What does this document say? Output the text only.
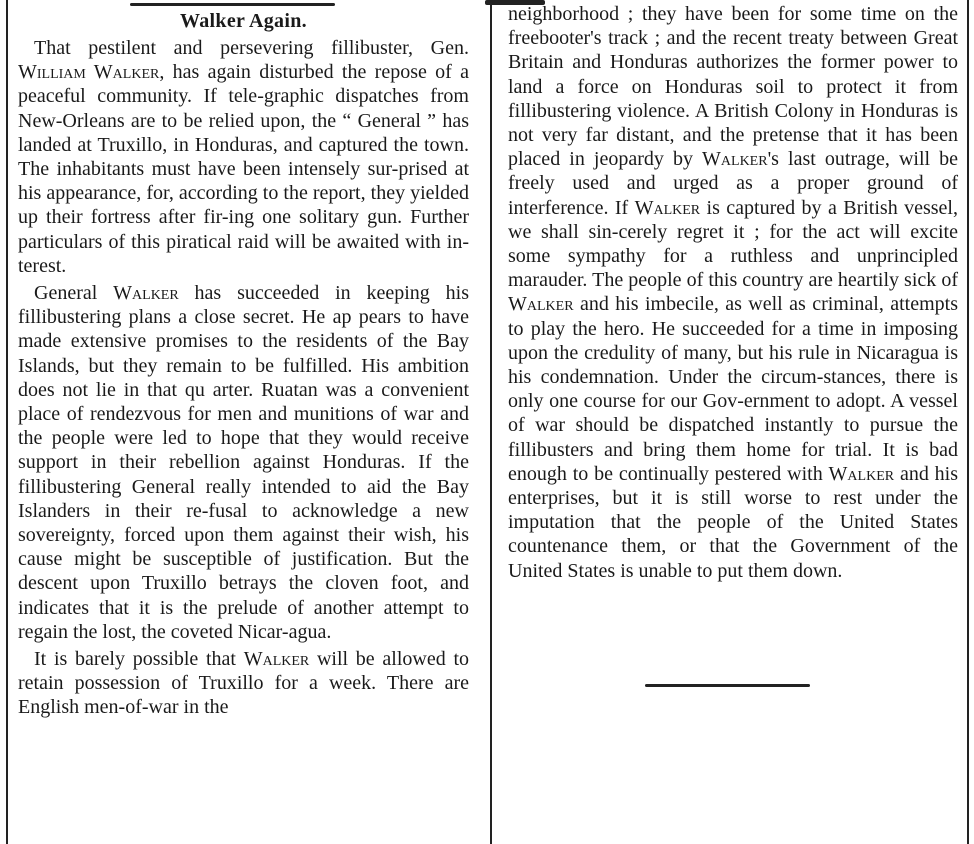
Walker Again.

That pestilent and persevering fillibuster, Gen. William Walker, has again disturbed the repose of a peaceful community. If tele-graphic dispatches from New-Orleans are to be relied upon, the “ General ” has landed at Truxillo, in Honduras, and captured the town. The inhabitants must have been intensely sur-prised at his appearance, for, according to the report, they yielded up their fortress after fir-ing one solitary gun. Further particulars of this piratical raid will be awaited with in-terest.

General Walker has succeeded in keeping his fillibustering plans a close secret. He ap pears to have made extensive promises to the residents of the Bay Islands, but they remain to be fulfilled. His ambition does not lie in that qu arter. Ruatan was a convenient place of rendezvous for men and munitions of war and the people were led to hope that they would receive support in their rebellion against Honduras. If the fillibustering General really intended to aid the Bay Islanders in their re-fusal to acknowledge a new sovereignty, forced upon them against their wish, his cause might be susceptible of justification. But the descent upon Truxillo betrays the cloven foot, and indicates that it is the prelude of another attempt to regain the lost, the coveted Nicar-agua.

It is barely possible that Walker will be allowed to retain possession of Truxillo for a week. There are English men-of-war in the

neighborhood ; they have been for some time on the freebooter's track ; and the recent treaty between Great Britain and Honduras authorizes the former power to land a force on Honduras soil to protect it from fillibustering violence. A British Colony in Honduras is not very far distant, and the pretense that it has been placed in jeopardy by Walker's last outrage, will be freely used and urged as a proper ground of interference. If Walker is captured by a British vessel, we shall sin-cerely regret it ; for the act will excite some sympathy for a ruthless and unprincipled marauder. The people of this country are heartily sick of Walker and his imbecile, as well as criminal, attempts to play the hero. He succeeded for a time in imposing upon the credulity of many, but his rule in Nicaragua is his condemnation. Under the circum-stances, there is only one course for our Gov-ernment to adopt. A vessel of war should be dispatched instantly to pursue the fillibusters and bring them home for trial. It is bad enough to be continually pestered with Walker and his enterprises, but it is still worse to rest under the imputation that the people of the United States countenance them, or that the Government of the United States is unable to put them down.
